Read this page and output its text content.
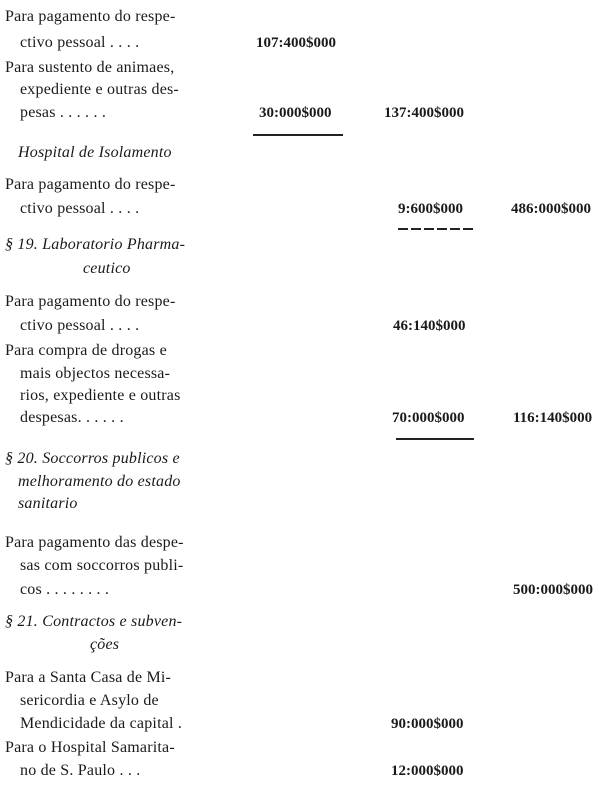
Para pagamento do respe-
ctivo pessoal . . . .	107:400$000
Para sustento de animaes,
expediente e outras des-
pesas . . . . . .	30:000$000	137:400$000
Hospital de Isolamento
Para pagamento do respe-
ctivo pessoal . . . .	9:600$000	486:000$000
§ 19. Laboratorio Pharma-
ceutico
Para pagamento do respe-
ctivo pessoal . . . .	46:140$000
Para compra de drogas e
mais objectos necessa-
rios, expediente e outras
despesas. . . . . .	70:000$000	116:140$000
§ 20. Soccorros publicos e
melhoramento do estado
sanitario
Para pagamento das despe-
sas com soccorros publi-
cos . . . . . . . .	500:000$000
§ 21. Contractos e subven-
ções
Para a Santa Casa de Mi-
sericordia e Asylo de
Mendicidade da capital .	90:000$000
Para o Hospital Samarita-
no de S. Paulo . . .	12:000$000
